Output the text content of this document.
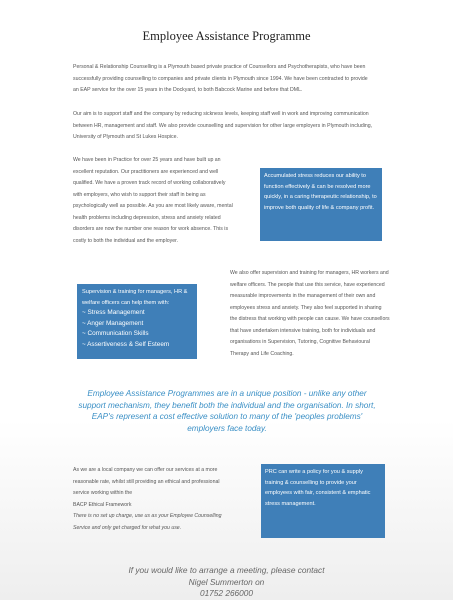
Employee Assistance Programme

Personal & Relationship Counselling is a Plymouth based private practice of Counsellors and Psychotherapists, who have been successfully providing counselling to companies and private clients in Plymouth since 1994. We have been contracted to provide an EAP service for the over 15 years in the Dockyard, to both Babcock Marine and before that DML.

Our aim is to support staff and the company by reducing sickness levels, keeping staff well in work and improving communication between HR, management and staff. We also provide counselling and supervision for other large employers in Plymouth including, University of Plymouth and St Lukes Hospice.

We have been in Practice for over 25 years and have built up an excellent reputation. Our practitioners are experienced and well qualified. We have a proven track record of working collaboratively with employers, who wish to support their staff in being as psychologically well as possible. As you are most likely aware, mental health problems including depression, stress and anxiety related disorders are now the number one reason for work absence. This is costly to both the individual and the employer.

Accumulated stress reduces our ability to function effectively & can be resolved more quickly, in a caring therapeutic relationship, to improve both quality of life & company profit.
Supervision & training for managers, HR & welfare officers can help them with:
~ Stress Management
~ Anger Management
~ Communication Skills
~ Assertiveness & Self Esteem

We also offer supervision and training for managers, HR workers and welfare officers. The people that use this service, have experienced measurable improvements in the management of their own and employees stress and anxiety. They also feel supported in sharing the distress that working with people can cause. We have counsellors that have undertaken intensive training, both for individuals and organisations in Supervision, Tutoring, Cognitive Behavioural Therapy and Life Coaching.

Employee Assistance Programmes are in a unique position - unlike any other support mechanism, they benefit both the individual and the organisation. In short, EAP's represent a cost effective solution to many of the 'peoples problems' employers face today.

As we are a local company we can offer our services at a more reasonable rate, whilst still providing an ethical and professional service working within the
BACP Ethical Framework
There is no set up charge, use us as your Employee Counselling Service and only get charged for what you use.
PRC can write a policy for you & supply training & counselling to provide your employees with fair, consistent & emphatic stress management.
If you would like to arrange a meeting, please contact
Nigel Summerton on
01752 266000
